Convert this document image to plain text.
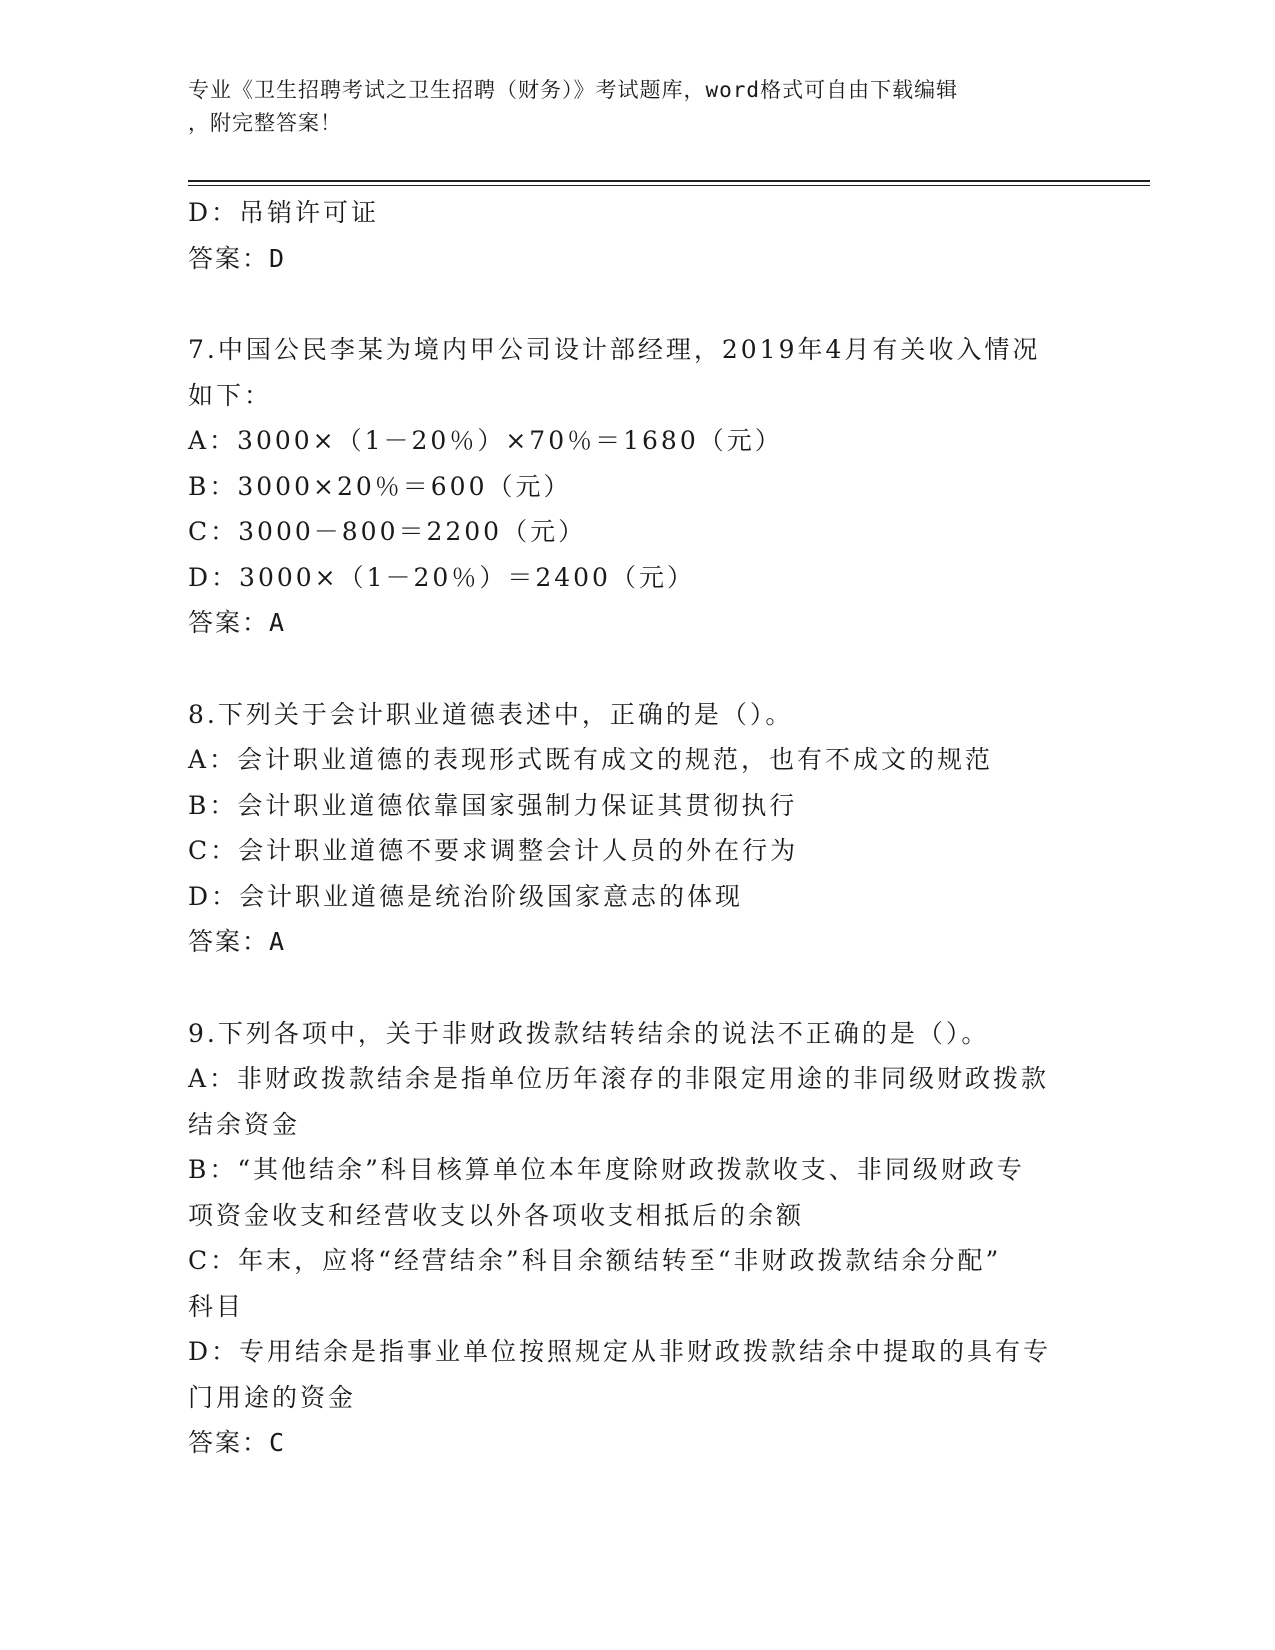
专业《卫生招聘考试之卫生招聘（财务）》考试题库，word格式可自由下载编辑
，附完整答案！
D：吊销许可证
答案：D
7.中国公民李某为境内甲公司设计部经理，2019年4月有关收入情况
如下：
A：3000×（1－20％）×70％＝1680（元）
B：3000×20％＝600（元）
C：3000－800＝2200（元）
D：3000×（1－20％）＝2400（元）
答案：A
8.下列关于会计职业道德表述中，正确的是（）。
A：会计职业道德的表现形式既有成文的规范，也有不成文的规范
B：会计职业道德依靠国家强制力保证其贯彻执行
C：会计职业道德不要求调整会计人员的外在行为
D：会计职业道德是统治阶级国家意志的体现
答案：A
9.下列各项中，关于非财政拨款结转结余的说法不正确的是（）。
A：非财政拨款结余是指单位历年滚存的非限定用途的非同级财政拨款
结余资金
B：“其他结余”科目核算单位本年度除财政拨款收支、非同级财政专
项资金收支和经营收支以外各项收支相抵后的余额
C：年末，应将“经营结余”科目余额结转至“非财政拨款结余分配”
科目
D：专用结余是指事业单位按照规定从非财政拨款结余中提取的具有专
门用途的资金
答案：C
